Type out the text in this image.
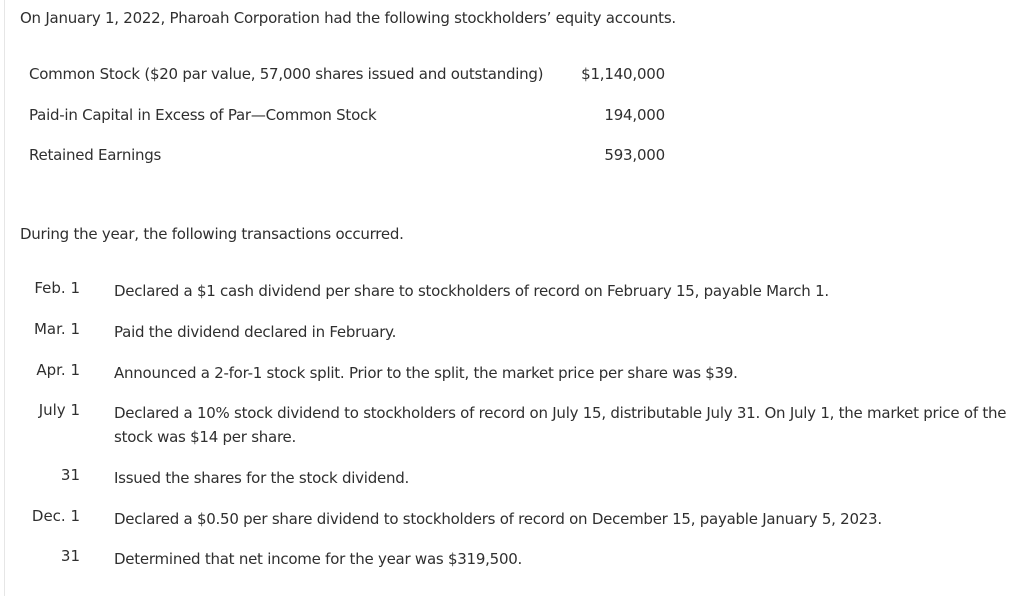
On January 1, 2022, Pharoah Corporation had the following stockholders’ equity accounts.
Common Stock ($20 par value, 57,000 shares issued and outstanding)	$1,140,000
Paid-in Capital in Excess of Par—Common Stock	194,000
Retained Earnings	593,000
During the year, the following transactions occurred.
Feb. 1 Declared a $1 cash dividend per share to stockholders of record on February 15, payable March 1.
Mar. 1 Paid the dividend declared in February.
Apr. 1 Announced a 2-for-1 stock split. Prior to the split, the market price per share was $39.
July 1 Declared a 10% stock dividend to stockholders of record on July 15, distributable July 31. On July 1, the market price of the stock was $14 per share.
31 Issued the shares for the stock dividend.
Dec. 1 Declared a $0.50 per share dividend to stockholders of record on December 15, payable January 5, 2023.
31 Determined that net income for the year was $319,500.
